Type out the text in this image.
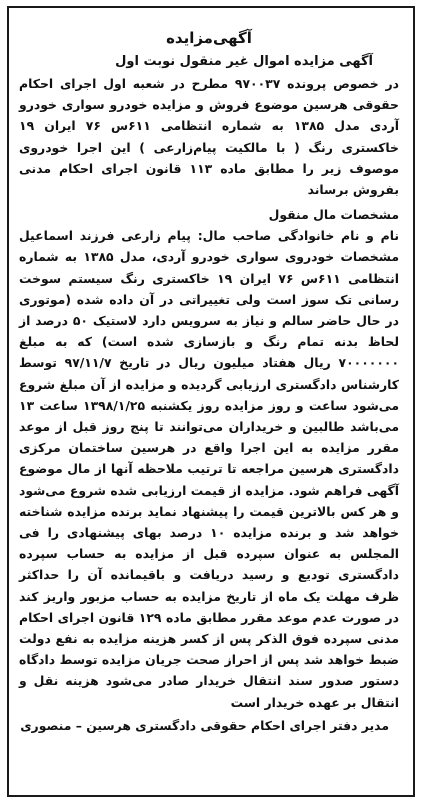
آگهی‌مزایده

آگهی مزایده اموال غیر منقول نوبت اول

در خصوص پرونده ۹۷۰۰۳۷ مطرح در شعبه اول اجرای احکام حقوقی هرسین موضوع فروش و مزایده خودرو سواری خودرو آردی مدل ۱۳۸۵ به شماره انتظامی ۶۱۱س ۷۶ ایران ۱۹ خاکستری رنگ ( با مالکیت پیام‌زارعی ) این اجرا خودروی موصوف زیر را مطابق ماده ۱۱۳ قانون اجرای احکام مدنی بفروش برساند

مشخصات مال منقول

نام و نام خانوادگی صاحب مال: پیام زارعی فرزند اسماعیل مشخصات خودروی سواری خودرو آردی، مدل ۱۳۸۵ به شماره انتظامی ۶۱۱س ۷۶ ایران ۱۹ خاکستری رنگ سیستم سوخت رسانی تک سوز است ولی تغییراتی در آن داده شده (موتوری در حال حاضر سالم و نیاز به سرویس دارد لاستیک ۵۰ درصد از لحاظ بدنه تمام رنگ و بازسازی شده است) که به مبلغ ۷۰۰۰۰۰۰۰ ریال هفتاد میلیون ریال در تاریخ ۹۷/۱۱/۷ توسط کارشناس دادگستری ارزیابی گردیده و مزایده از آن مبلغ شروع می‌شود ساعت و روز مزایده روز یکشنبه ۱۳۹۸/۱/۲۵ ساعت ۱۳ می‌باشد طالبین و خریداران می‌توانند تا پنج روز قبل از موعد مقرر مزایده به این اجرا واقع در هرسین ساختمان مرکزی دادگستری هرسین مراجعه تا ترتیب ملاحظه آنها از مال موضوع آگهی فراهم شود. مزایده از قیمت ارزیابی شده شروع می‌شود و هر کس بالاترین قیمت را پیشنهاد نماید برنده مزایده شناخته خواهد شد و برنده مزایده ۱۰ درصد بهای پیشنهادی را فی المجلس به عنوان سپرده قبل از مزایده به حساب سپرده دادگستری تودیع و رسید دریافت و باقیمانده آن را حداکثر ظرف مهلت یک ماه از تاریخ مزایده به حساب مزبور واریز کند در صورت عدم موعد مقرر مطابق ماده ۱۲۹ قانون اجرای احکام مدنی سپرده فوق الذکر پس از کسر هزینه مزایده به نفع دولت ضبط خواهد شد پس از احراز صحت جریان مزایده توسط دادگاه دستور صدور سند انتقال خریدار صادر می‌شود هزینه نقل و انتقال بر عهده خریدار است

مدیر دفتر اجرای احکام حقوقی دادگستری هرسین – منصوری
